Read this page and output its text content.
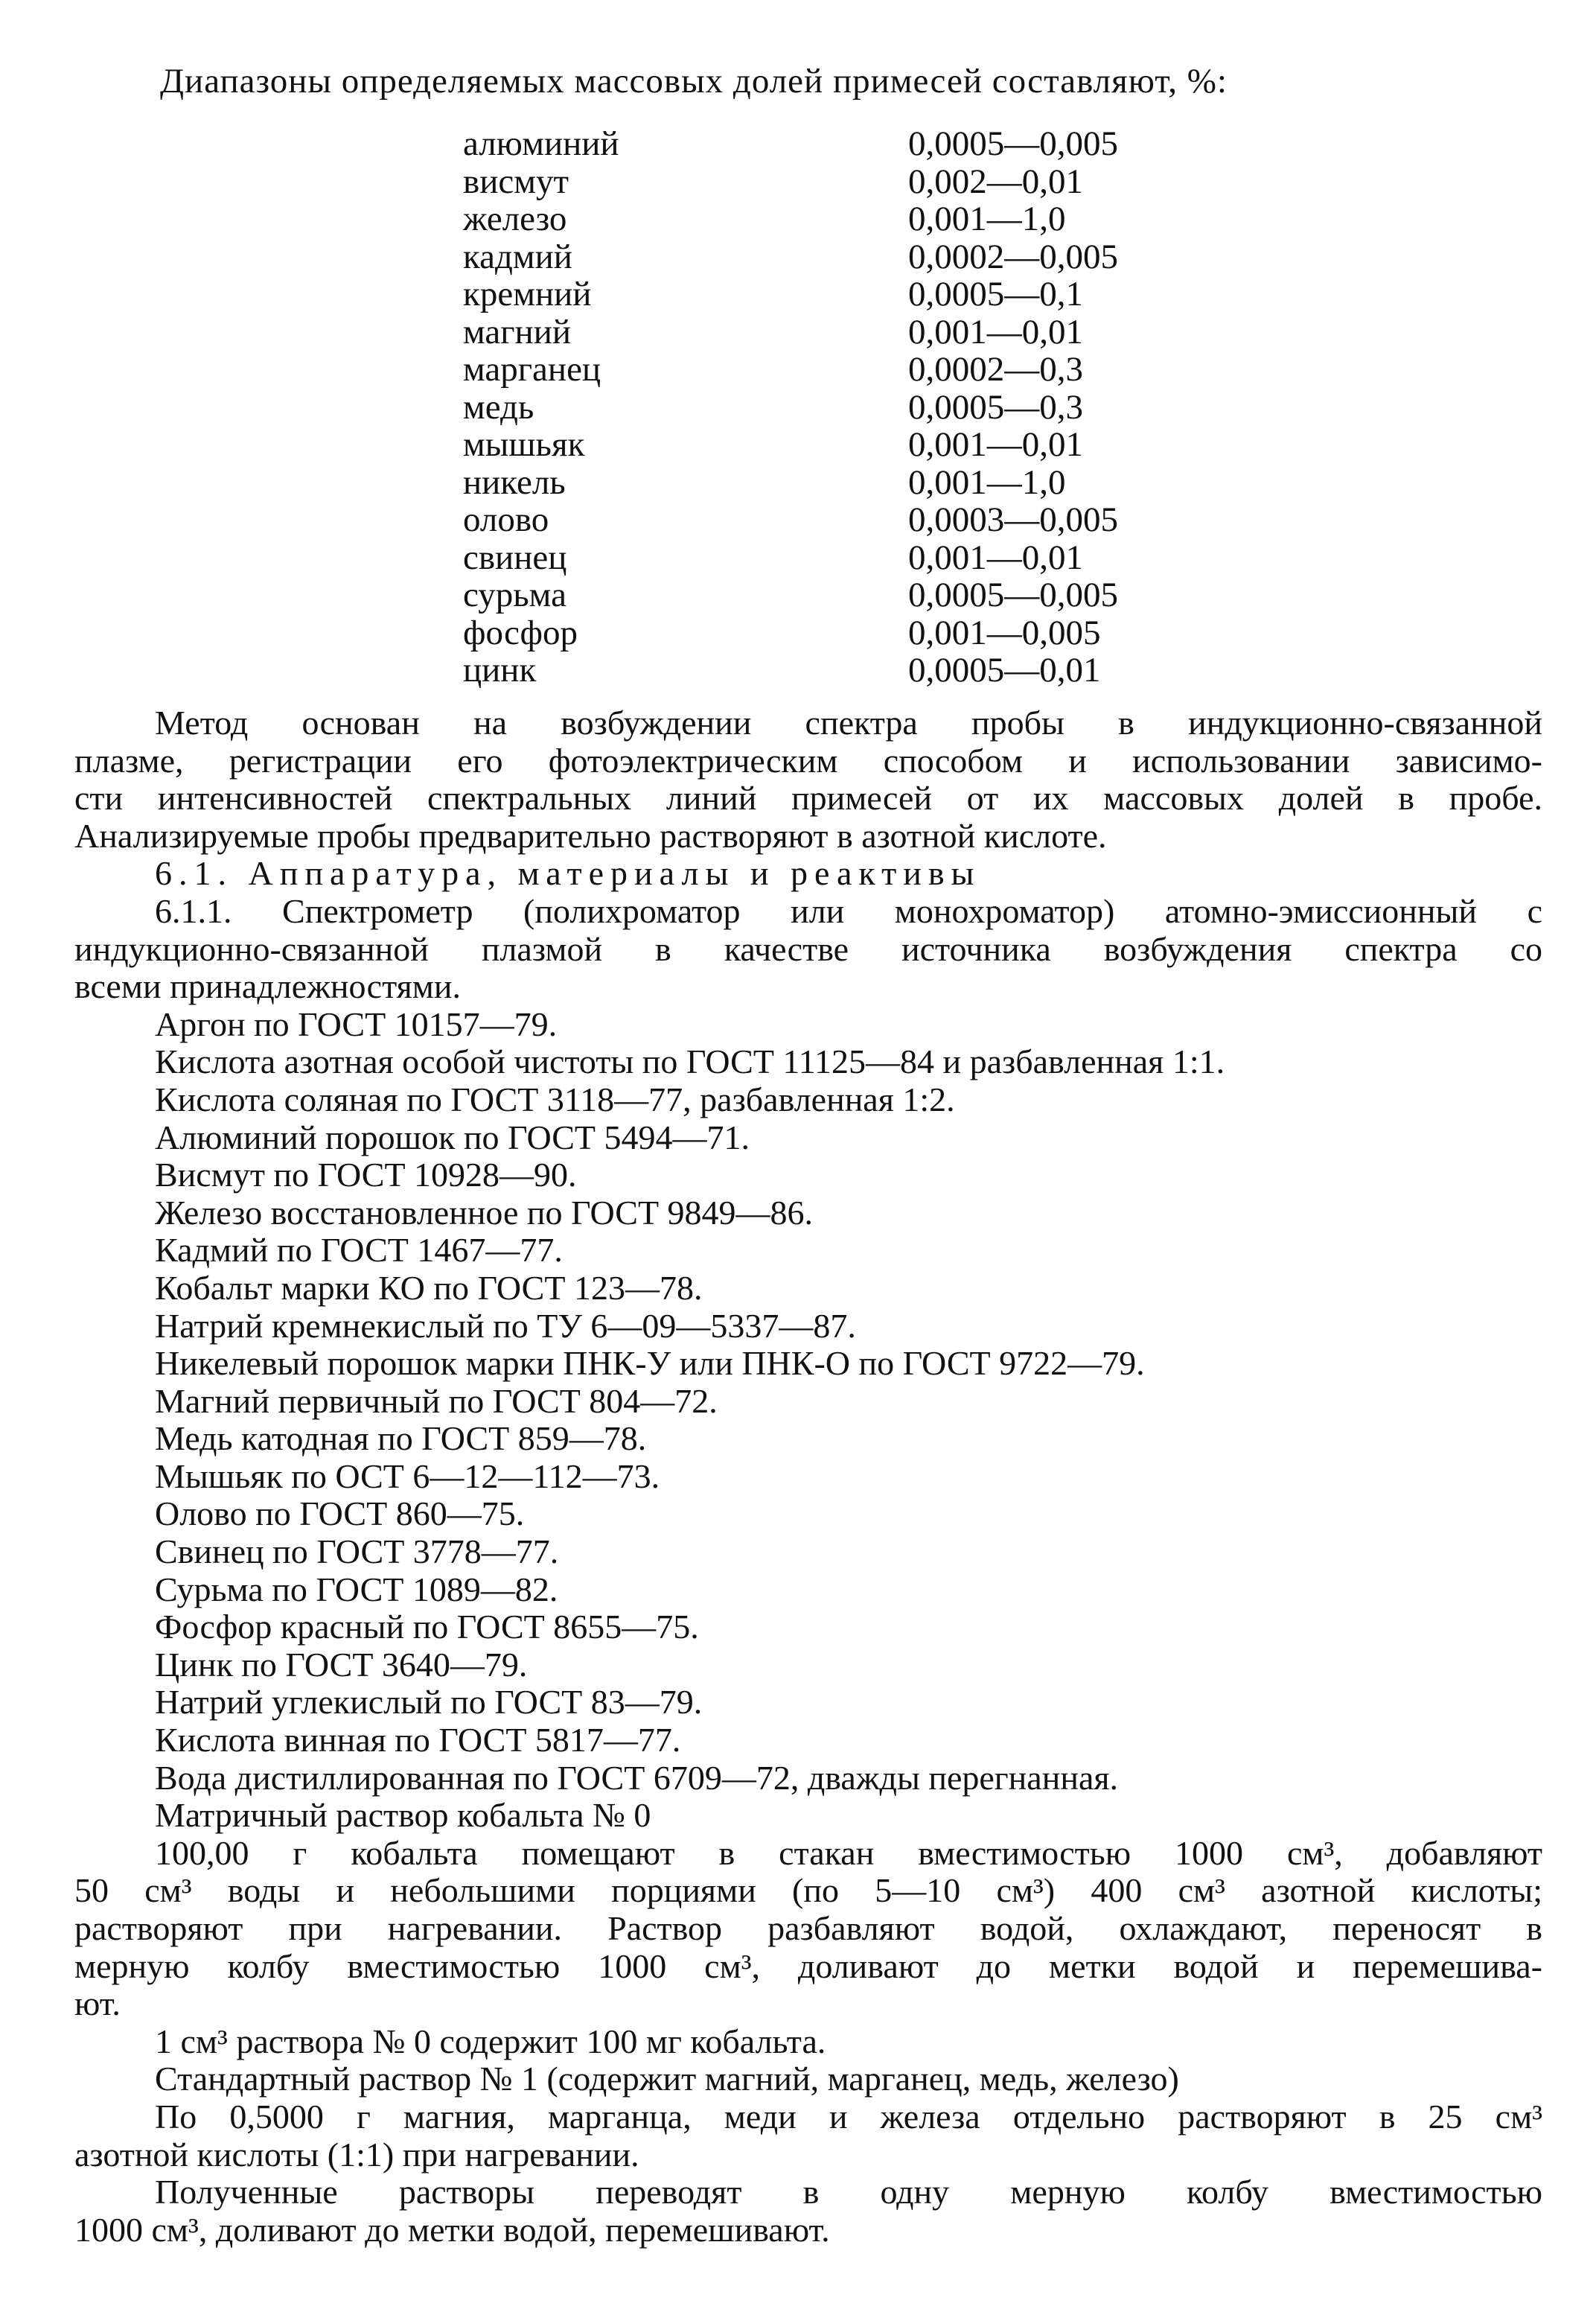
Диапазоны определяемых массовых долей примесей составляют, %:
алюминий	0,0005—0,005
висмут	0,002—0,01
железо	0,001—1,0
кадмий	0,0002—0,005
кремний	0,0005—0,1
магний	0,001—0,01
марганец	0,0002—0,3
медь	0,0005—0,3
мышьяк	0,001—0,01
никель	0,001—1,0
олово	0,0003—0,005
свинец	0,001—0,01
сурьма	0,0005—0,005
фосфор	0,001—0,005
цинк	0,0005—0,01
Метод основан на возбуждении спектра пробы в индукционно-связанной
плазме, регистрации его фотоэлектрическим способом и использовании зависимо-
сти интенсивностей спектральных линий примесей от их массовых долей в пробе.
Анализируемые пробы предварительно растворяют в азотной кислоте.
6.1. Аппаратура, материалы и реактивы
6.1.1. Спектрометр (полихроматор или монохроматор) атомно-эмиссионный с
индукционно-связанной плазмой в качестве источника возбуждения спектра со
всеми принадлежностями.
Аргон по ГОСТ 10157—79.
Кислота азотная особой чистоты по ГОСТ 11125—84 и разбавленная 1:1.
Кислота соляная по ГОСТ 3118—77, разбавленная 1:2.
Алюминий порошок по ГОСТ 5494—71.
Висмут по ГОСТ 10928—90.
Железо восстановленное по ГОСТ 9849—86.
Кадмий по ГОСТ 1467—77.
Кобальт марки КО по ГОСТ 123—78.
Натрий кремнекислый по ТУ 6—09—5337—87.
Никелевый порошок марки ПНК-У или ПНК-О по ГОСТ 9722—79.
Магний первичный по ГОСТ 804—72.
Медь катодная по ГОСТ 859—78.
Мышьяк по ОСТ 6—12—112—73.
Олово по ГОСТ 860—75.
Свинец по ГОСТ 3778—77.
Сурьма по ГОСТ 1089—82.
Фосфор красный по ГОСТ 8655—75.
Цинк по ГОСТ 3640—79.
Натрий углекислый по ГОСТ 83—79.
Кислота винная по ГОСТ 5817—77.
Вода дистиллированная по ГОСТ 6709—72, дважды перегнанная.
Матричный раствор кобальта № 0
100,00 г кобальта помещают в стакан вместимостью 1000 см³, добавляют
50 см³ воды и небольшими порциями (по 5—10 см³) 400 см³ азотной кислоты;
растворяют при нагревании. Раствор разбавляют водой, охлаждают, переносят в
мерную колбу вместимостью 1000 см³, доливают до метки водой и перемешива-
ют.
1 см³ раствора № 0 содержит 100 мг кобальта.
Стандартный раствор № 1 (содержит магний, марганец, медь, железо)
По 0,5000 г магния, марганца, меди и железа отдельно растворяют в 25 см³
азотной кислоты (1:1) при нагревании.
Полученные растворы переводят в одну мерную колбу вместимостью
1000 см³, доливают до метки водой, перемешивают.
